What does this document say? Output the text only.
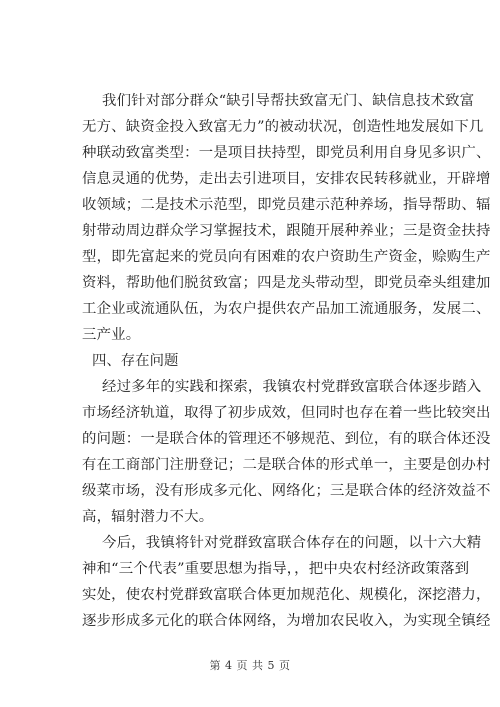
我们针对部分群众“缺引导帮扶致富无门、缺信息技术致富
无方、缺资金投入致富无力”的被动状况，创造性地发展如下几
种联动致富类型：一是项目扶持型，即党员利用自身见多识广、
信息灵通的优势，走出去引进项目，安排农民转移就业，开辟增
收领域；二是技术示范型，即党员建示范种养场，指导帮助、辐
射带动周边群众学习掌握技术，跟随开展种养业；三是资金扶持
型，即先富起来的党员向有困难的农户资助生产资金，赊购生产
资料，帮助他们脱贫致富；四是龙头带动型，即党员牵头组建加
工企业或流通队伍，为农户提供农产品加工流通服务，发展二、
三产业。

四、存在问题

经过多年的实践和探索，我镇农村党群致富联合体逐步踏入
市场经济轨道，取得了初步成效，但同时也存在着一些比较突出
的问题：一是联合体的管理还不够规范、到位，有的联合体还没
有在工商部门注册登记；二是联合体的形式单一，主要是创办村
级菜市场，没有形成多元化、网络化；三是联合体的经济效益不
高，辐射潜力不大。

今后，我镇将针对党群致富联合体存在的问题，以十六大精
神和“三个代表”重要思想为指导，，把中央农村经济政策落到
实处，使农村党群致富联合体更加规范化、规模化，深挖潜力，
逐步形成多元化的联合体网络，为增加农民收入，为实现全镇经

第 4 页 共 5 页
